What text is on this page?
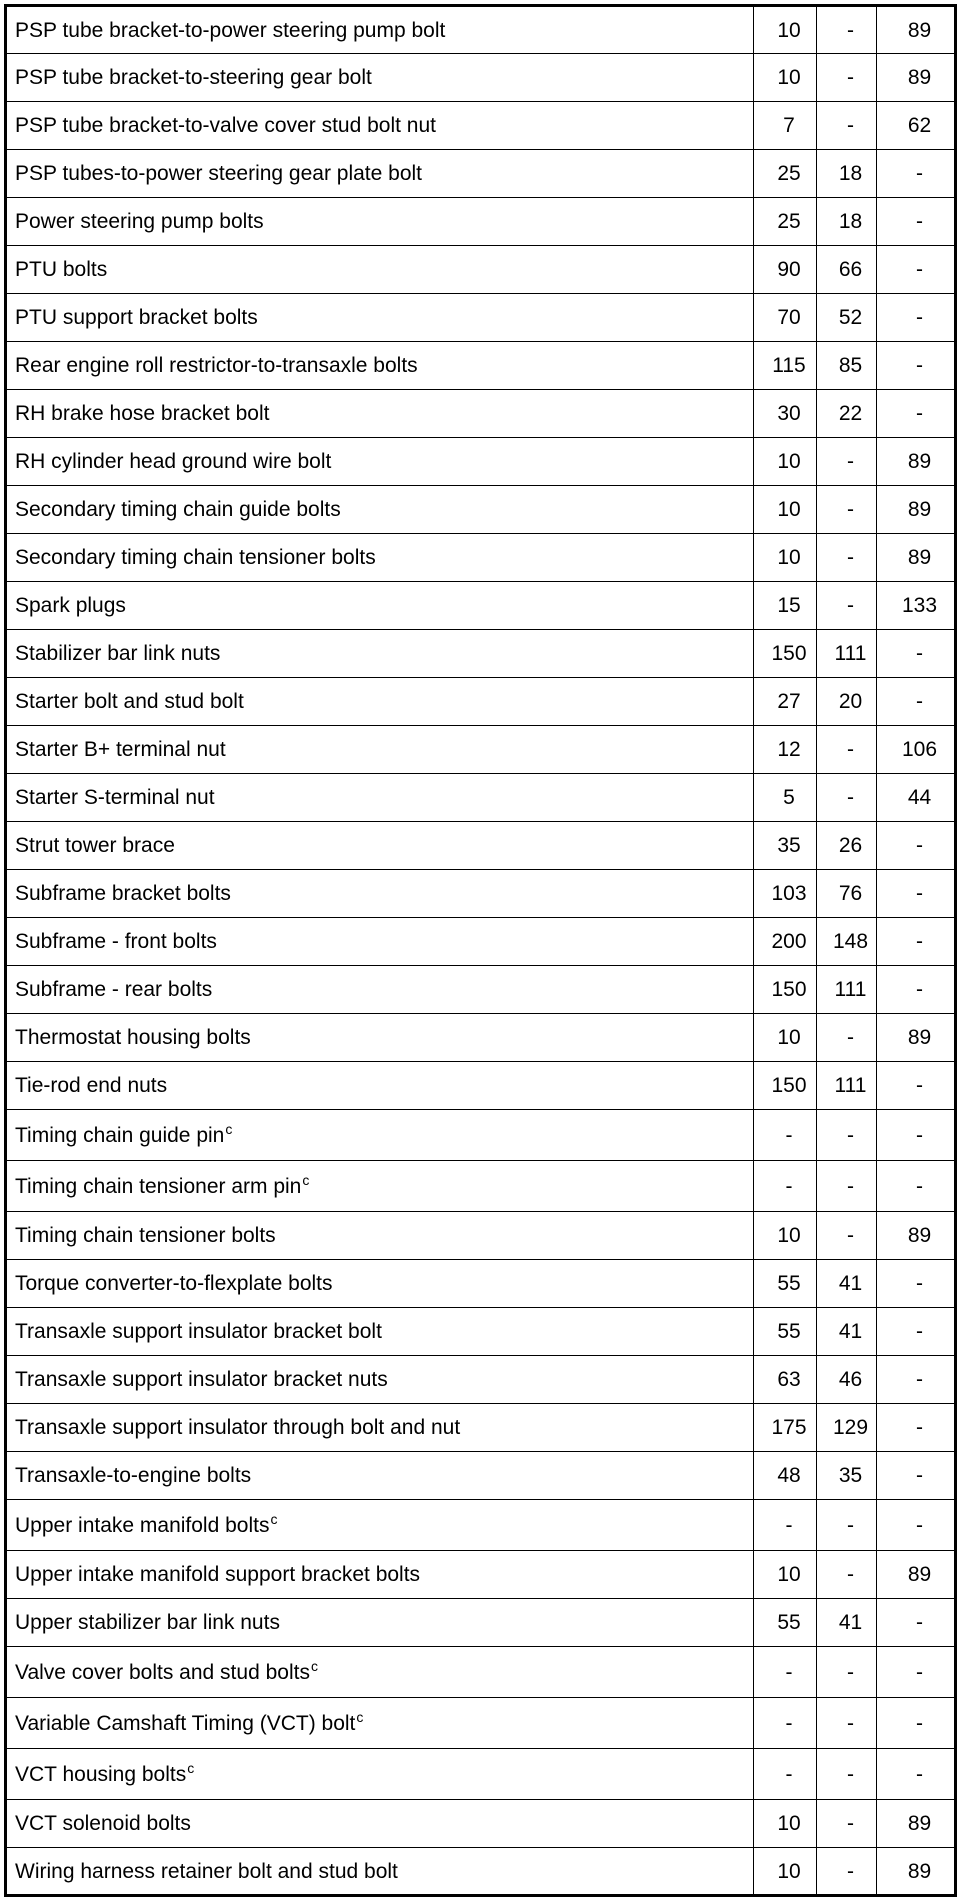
PSP tube bracket-to-power steering pump bolt	10	-	89
PSP tube bracket-to-steering gear bolt	10	-	89
PSP tube bracket-to-valve cover stud bolt nut	7	-	62
PSP tubes-to-power steering gear plate bolt	25	18	-
Power steering pump bolts	25	18	-
PTU bolts	90	66	-
PTU support bracket bolts	70	52	-
Rear engine roll restrictor-to-transaxle bolts	115	85	-
RH brake hose bracket bolt	30	22	-
RH cylinder head ground wire bolt	10	-	89
Secondary timing chain guide bolts	10	-	89
Secondary timing chain tensioner bolts	10	-	89
Spark plugs	15	-	133
Stabilizer bar link nuts	150	111	-
Starter bolt and stud bolt	27	20	-
Starter B+ terminal nut	12	-	106
Starter S-terminal nut	5	-	44
Strut tower brace	35	26	-
Subframe bracket bolts	103	76	-
Subframe - front bolts	200	148	-
Subframe - rear bolts	150	111	-
Thermostat housing bolts	10	-	89
Tie-rod end nuts	150	111	-
Timing chain guide pin$^c$	-	-	-
Timing chain tensioner arm pin$^c$	-	-	-
Timing chain tensioner bolts	10	-	89
Torque converter-to-flexplate bolts	55	41	-
Transaxle support insulator bracket bolt	55	41	-
Transaxle support insulator bracket nuts	63	46	-
Transaxle support insulator through bolt and nut	175	129	-
Transaxle-to-engine bolts	48	35	-
Upper intake manifold bolts$^c$	-	-	-
Upper intake manifold support bracket bolts	10	-	89
Upper stabilizer bar link nuts	55	41	-
Valve cover bolts and stud bolts$^c$	-	-	-
Variable Camshaft Timing (VCT) bolt$^c$	-	-	-
VCT housing bolts$^c$	-	-	-
VCT solenoid bolts	10	-	89
Wiring harness retainer bolt and stud bolt	10	-	89
